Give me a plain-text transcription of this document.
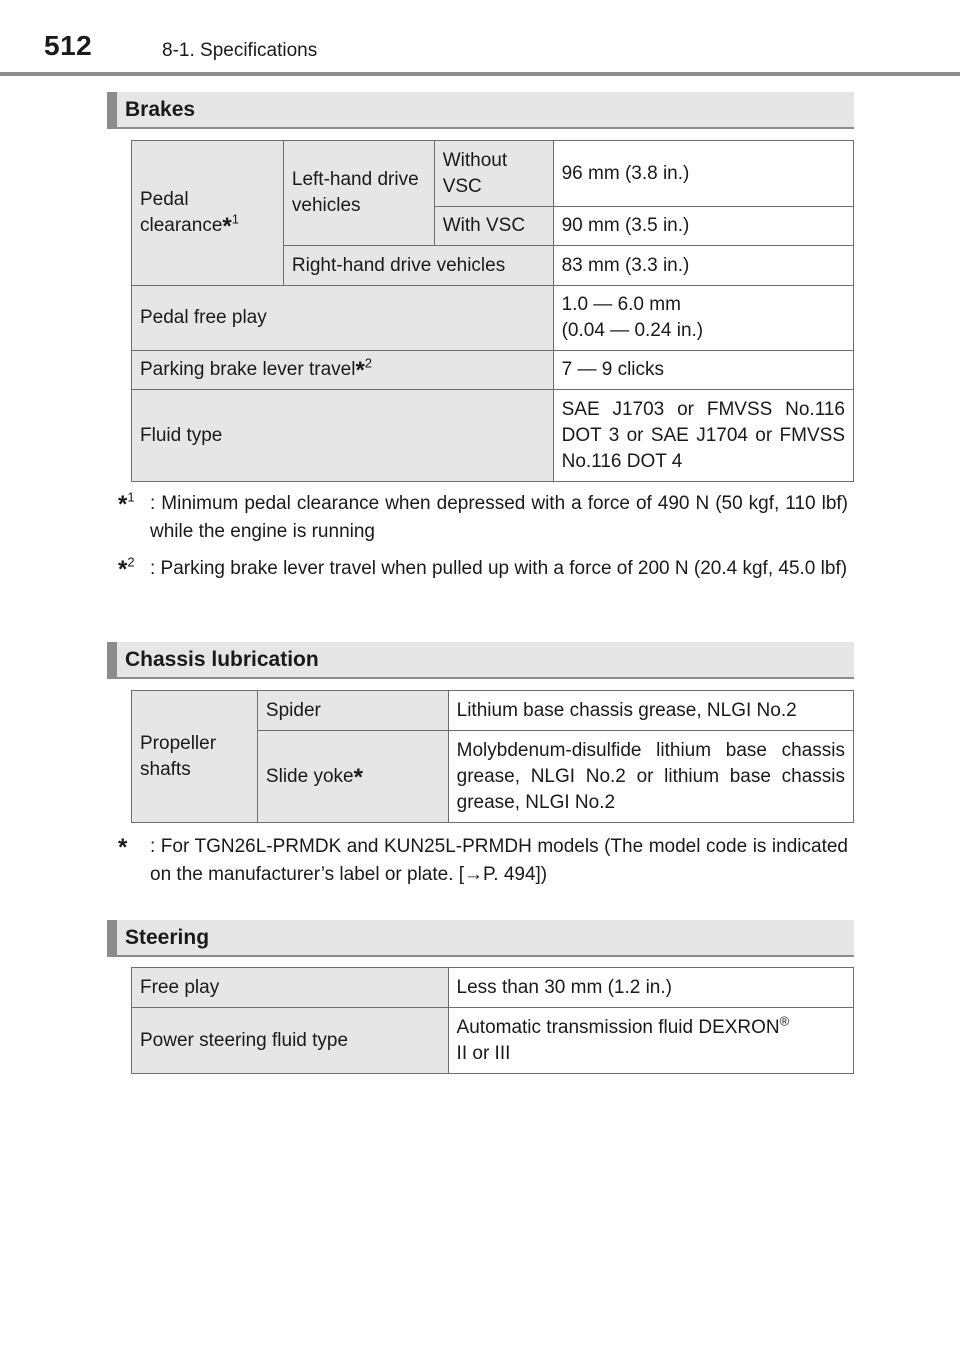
512	8-1. Specifications
Brakes
Pedal clearance*$^1$	Left-hand drive vehicles	Without VSC	96 mm (3.8 in.)
		With VSC	90 mm (3.5 in.)
	Right-hand drive vehicles		83 mm (3.3 in.)
Pedal free play			1.0 — 6.0 mm
(0.04 — 0.24 in.)

Parking brake lever travel*$^2$			7 — 9 clicks
Fluid type			SAE J1703 or FMVSS No.116 DOT 3 or SAE J1704 or FMVSS No.116 DOT 4
*$^1$ : Minimum pedal clearance when depressed with a force of 490 N (50 kgf, 110 lbf) while the engine is running
*$^2$ : Parking brake lever travel when pulled up with a force of 200 N (20.4 kgf, 45.0 lbf)
Chassis lubrication
Propeller shafts	Spider	Lithium base chassis grease, NLGI No.2
	Slide yoke*	Molybdenum-disulfide lithium base chassis grease, NLGI No.2 or lithium base chassis grease, NLGI No.2
*	: For TGN26L-PRMDK and KUN25L-PRMDH models (The model code is indicated on the manufacturer’s label or plate. [→P. 494])
Steering
Free play	Less than 30 mm (1.2 in.)
Power steering fluid type	Automatic transmission fluid DEXRON®
II or III
